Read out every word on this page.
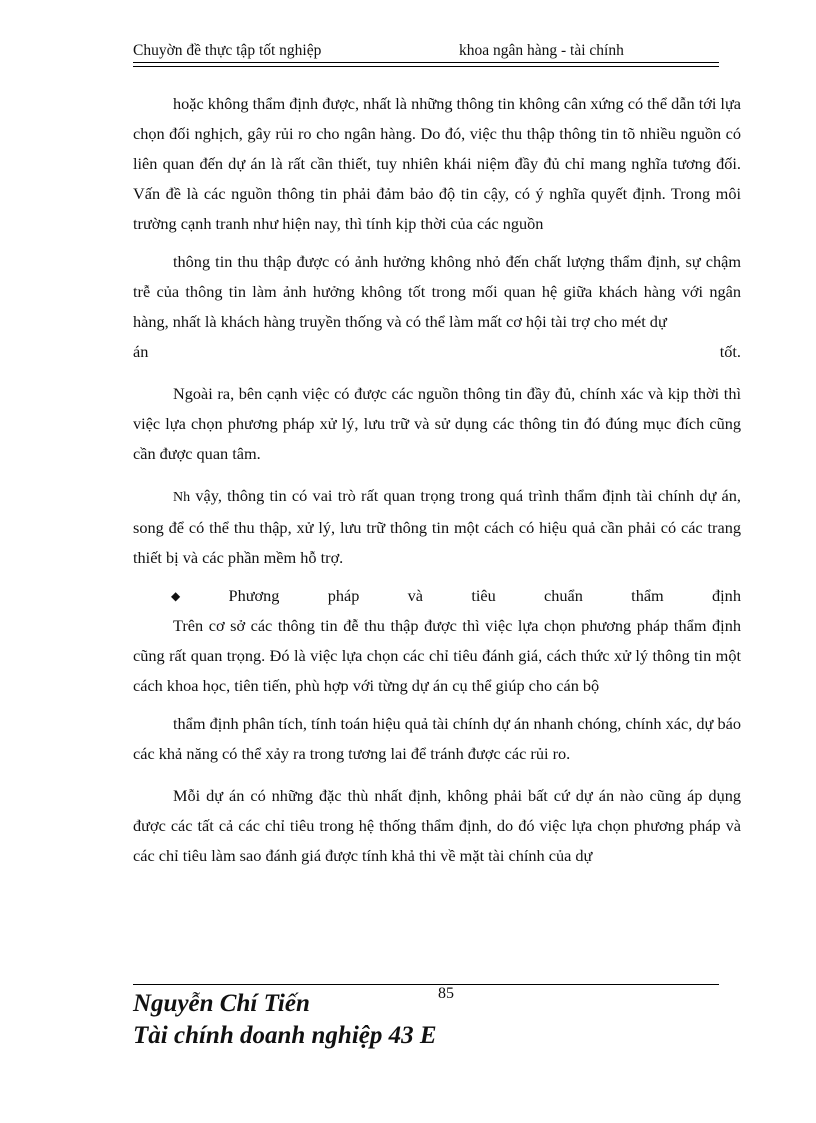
Chuyờn đề thực tập tốt nghiệp	khoa ngân hàng - tài chính

hoặc không thẩm định được, nhất là những thông tin không cân xứng có thể dẫn tới lựa chọn đối nghịch, gây rủi ro cho ngân hàng. Do đó, việc thu thập thông tin tõ nhiều nguồn có liên quan đến dự án là rất cần thiết, tuy nhiên khái niệm đầy đủ chỉ mang nghĩa tương đối. Vấn đề là các nguồn thông tin phải đảm bảo độ tin cậy, có ý nghĩa quyết định. Trong môi trường cạnh tranh như hiện nay, thì tính kịp thời của các nguồn

thông tin thu thập được có ảnh hưởng không nhỏ đến chất lượng thẩm định, sự chậm trễ của thông tin làm ảnh hưởng không tốt trong mối quan hệ giữa khách hàng với ngân hàng, nhất là khách hàng truyền thống và có thể làm mất cơ hội tài trợ cho mét dự

án	tốt.

Ngoài ra, bên cạnh việc có được các nguồn thông tin đầy đủ, chính xác và kịp thời thì việc lựa chọn phương pháp xử lý, lưu trữ và sử dụng các thông tin đó đúng mục đích cũng cần được quan tâm.

Nh vậy, thông tin có vai trò rất quan trọng trong quá trình thẩm định tài chính dự án, song để có thể thu thập, xử lý, lưu trữ thông tin một cách có hiệu quả cần phải có các trang thiết bị và các phần mềm hỗ trợ.

◆	Phương	pháp	và	tiêu	chuẩn	thẩm	định

Trên cơ sở các thông tin đễ thu thập được thì việc lựa chọn phương pháp thẩm định cũng rất quan trọng. Đó là việc lựa chọn các chỉ tiêu đánh giá, cách thức xử lý thông tin một cách khoa học, tiên tiến, phù hợp với từng dự án cụ thể giúp cho cán bộ

thẩm định phân tích, tính toán hiệu quả tài chính dự án nhanh chóng, chính xác, dự báo các khả năng có thể xảy ra trong tương lai để tránh được các rủi ro.

Mỗi dự án có những đặc thù nhất định, không phải bất cứ dự án nào cũng áp dụng được các tất cả các chỉ tiêu trong hệ thống thẩm định, do đó việc lựa chọn phương pháp và các chỉ tiêu làm sao đánh giá được tính khả thi về mặt tài chính của dự

85
Nguyễn Chí Tiến
Tài chính doanh nghiệp 43 E
